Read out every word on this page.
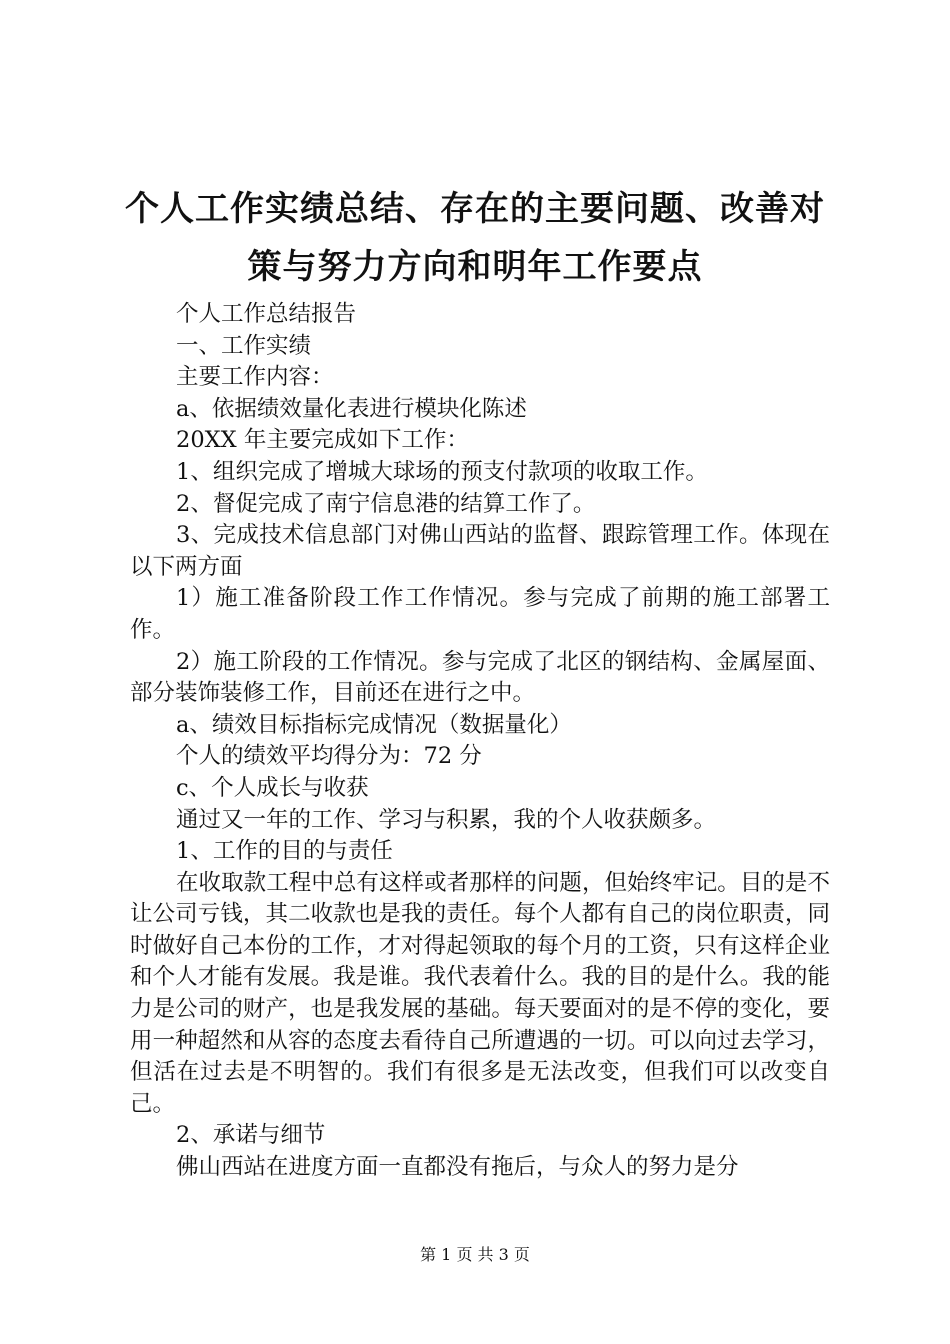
个人工作实绩总结、存在的主要问题、改善对策与努力方向和明年工作要点

个人工作总结报告

一、工作实绩

主要工作内容：

a、依据绩效量化表进行模块化陈述

20XX 年主要完成如下工作：

1、组织完成了增城大球场的预支付款项的收取工作。

2、督促完成了南宁信息港的结算工作了。

3、完成技术信息部门对佛山西站的监督、跟踪管理工作。体现在以下两方面

1）施工准备阶段工作工作情况。参与完成了前期的施工部署工作。

2）施工阶段的工作情况。参与完成了北区的钢结构、金属屋面、部分装饰装修工作，目前还在进行之中。

a、绩效目标指标完成情况（数据量化）

个人的绩效平均得分为：72 分

c、个人成长与收获

通过又一年的工作、学习与积累，我的个人收获颇多。

1、工作的目的与责任

在收取款工程中总有这样或者那样的问题，但始终牢记。目的是不让公司亏钱，其二收款也是我的责任。每个人都有自己的岗位职责，同时做好自己本份的工作，才对得起领取的每个月的工资，只有这样企业和个人才能有发展。我是谁。我代表着什么。我的目的是什么。我的能力是公司的财产，也是我发展的基础。每天要面对的是不停的变化，要用一种超然和从容的态度去看待自己所遭遇的一切。可以向过去学习，但活在过去是不明智的。我们有很多是无法改变，但我们可以改变自己。

2、承诺与细节

佛山西站在进度方面一直都没有拖后，与众人的努力是分

第 1 页 共 3 页
